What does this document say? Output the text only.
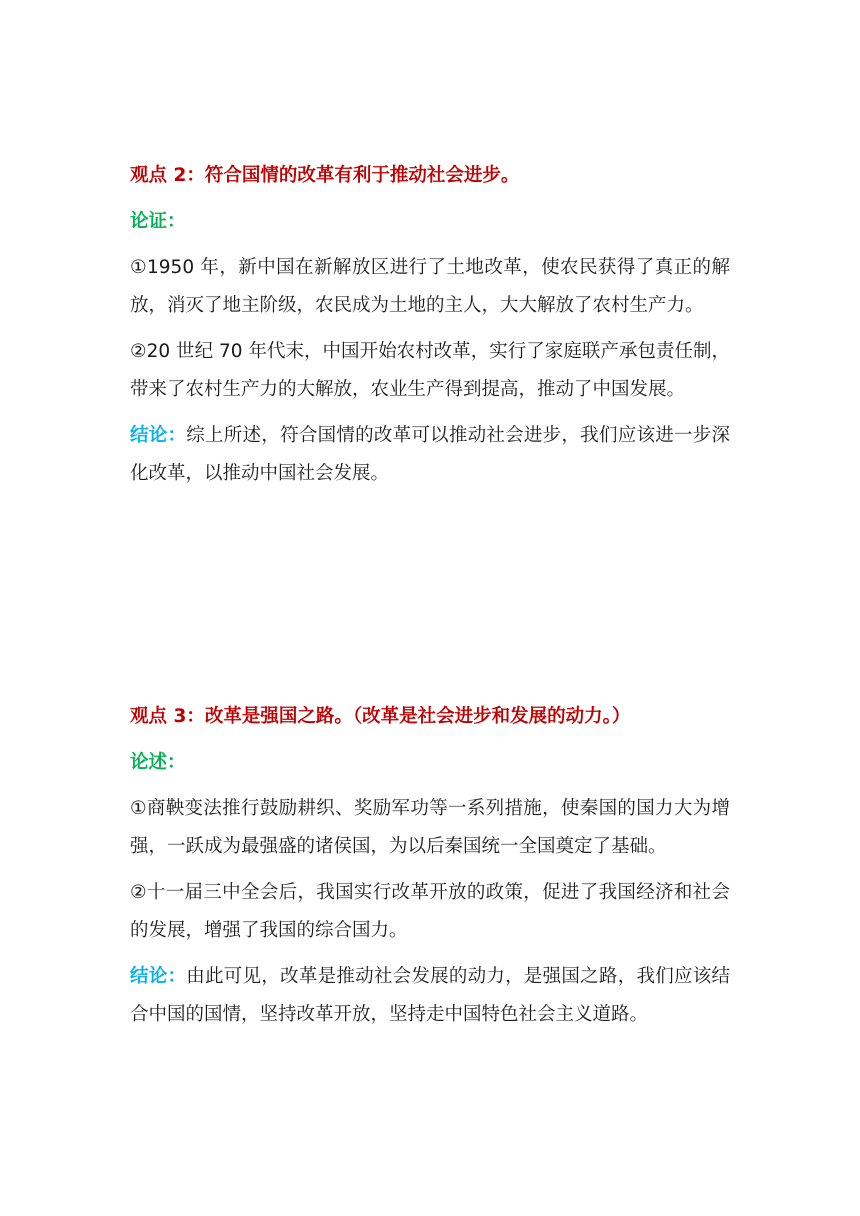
观点 2：符合国情的改革有利于推动社会进步。
论证：
①1950 年，新中国在新解放区进行了土地改革，使农民获得了真正的解放，消灭了地主阶级，农民成为土地的主人，大大解放了农村生产力。
②20 世纪 70 年代末，中国开始农村改革，实行了家庭联产承包责任制，带来了农村生产力的大解放，农业生产得到提高，推动了中国发展。
结论：综上所述，符合国情的改革可以推动社会进步，我们应该进一步深化改革，以推动中国社会发展。
观点 3：改革是强国之路。（改革是社会进步和发展的动力。）
论述：
①商鞅变法推行鼓励耕织、奖励军功等一系列措施，使秦国的国力大为增强，一跃成为最强盛的诸侯国，为以后秦国统一全国奠定了基础。
②十一届三中全会后，我国实行改革开放的政策，促进了我国经济和社会的发展，增强了我国的综合国力。
结论：由此可见，改革是推动社会发展的动力，是强国之路，我们应该结合中国的国情，坚持改革开放，坚持走中国特色社会主义道路。
